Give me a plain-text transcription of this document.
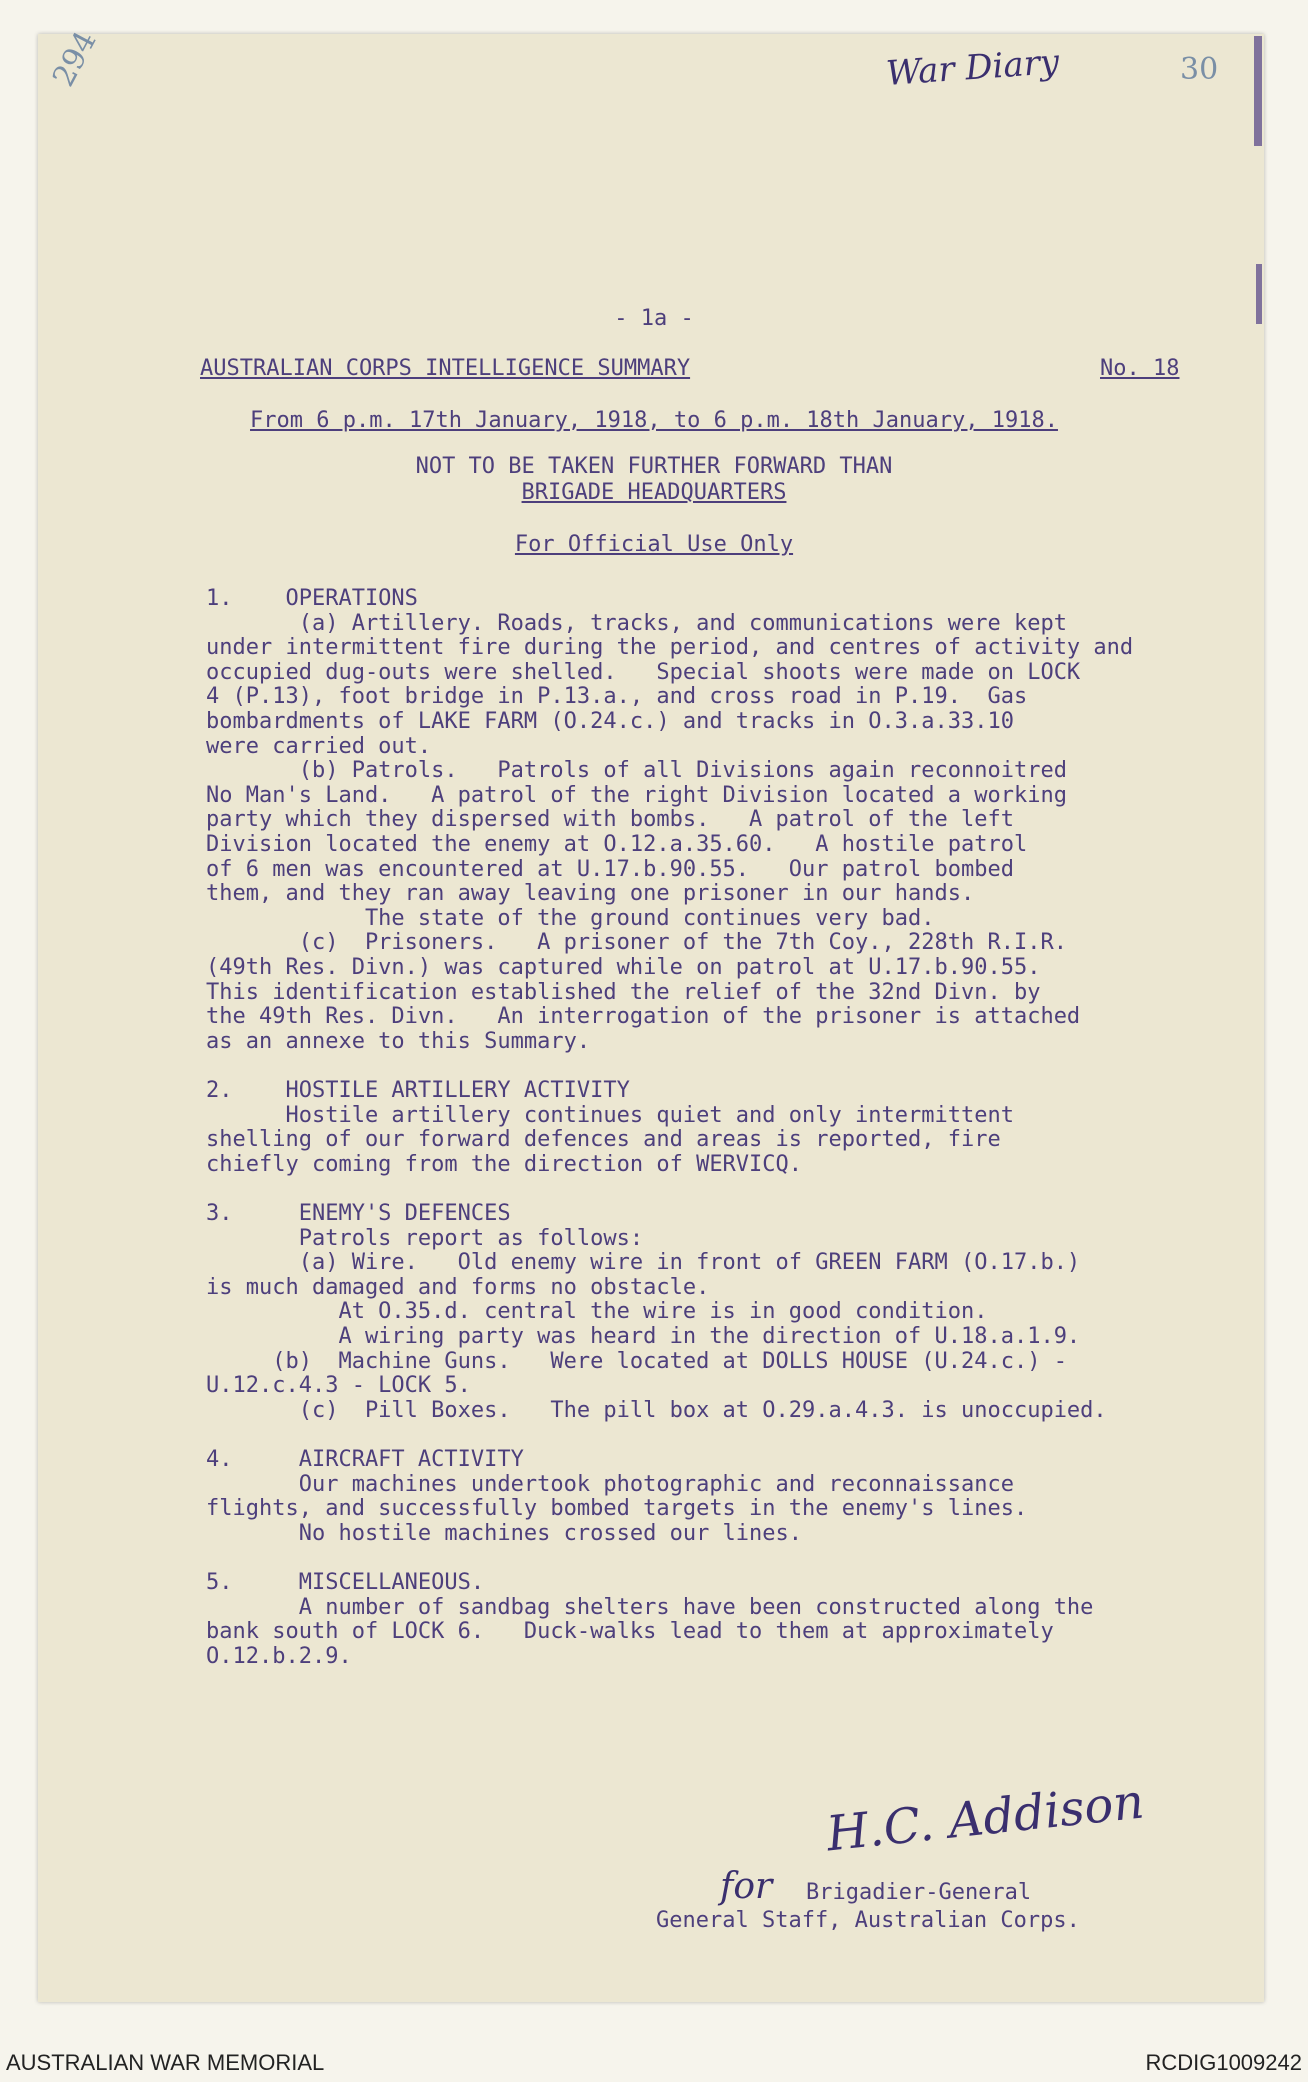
294	30
War Diary
- 1a -
AUSTRALIAN CORPS INTELLIGENCE SUMMARY	No. 18
From 6 p.m. 17th January, 1918, to 6 p.m. 18th January, 1918.
NOT TO BE TAKEN FURTHER FORWARD THAN
BRIGADE HEADQUARTERS
For Official Use Only
1.    OPERATIONS
(a) Artillery. Roads, tracks, and communications were kept
under intermittent fire during the period, and centres of activity and
occupied dug-outs were shelled.   Special shoots were made on LOCK
4 (P.13), foot bridge in P.13.a., and cross road in P.19.  Gas
bombardments of LAKE FARM (O.24.c.) and tracks in O.3.a.33.10
were carried out.
(b) Patrols.   Patrols of all Divisions again reconnoitred
No Man's Land.   A patrol of the right Division located a working
party which they dispersed with bombs.   A patrol of the left
Division located the enemy at O.12.a.35.60.   A hostile patrol
of 6 men was encountered at U.17.b.90.55.   Our patrol bombed
them, and they ran away leaving one prisoner in our hands.
The state of the ground continues very bad.
(c)  Prisoners.   A prisoner of the 7th Coy., 228th R.I.R.
(49th Res. Divn.) was captured while on patrol at U.17.b.90.55.
This identification established the relief of the 32nd Divn. by
the 49th Res. Divn.   An interrogation of the prisoner is attached
as an annexe to this Summary.
2.    HOSTILE ARTILLERY ACTIVITY
Hostile artillery continues quiet and only intermittent
shelling of our forward defences and areas is reported, fire
chiefly coming from the direction of WERVICQ.
3.     ENEMY'S DEFENCES
Patrols report as follows:
(a) Wire.   Old enemy wire in front of GREEN FARM (O.17.b.)
is much damaged and forms no obstacle.
At O.35.d. central the wire is in good condition.
A wiring party was heard in the direction of U.18.a.1.9.
(b)  Machine Guns.   Were located at DOLLS HOUSE (U.24.c.) -
U.12.c.4.3 - LOCK 5.
(c)  Pill Boxes.   The pill box at O.29.a.4.3. is unoccupied.
4.     AIRCRAFT ACTIVITY
Our machines undertook photographic and reconnaissance
flights, and successfully bombed targets in the enemy's lines.
No hostile machines crossed our lines.
5.     MISCELLANEOUS.
A number of sandbag shelters have been constructed along the
bank south of LOCK 6.   Duck-walks lead to them at approximately
O.12.b.2.9.
H.C. Addison
for Brigadier-General
General Staff, Australian Corps.
AUSTRALIAN WAR MEMORIAL	RCDIG1009242
